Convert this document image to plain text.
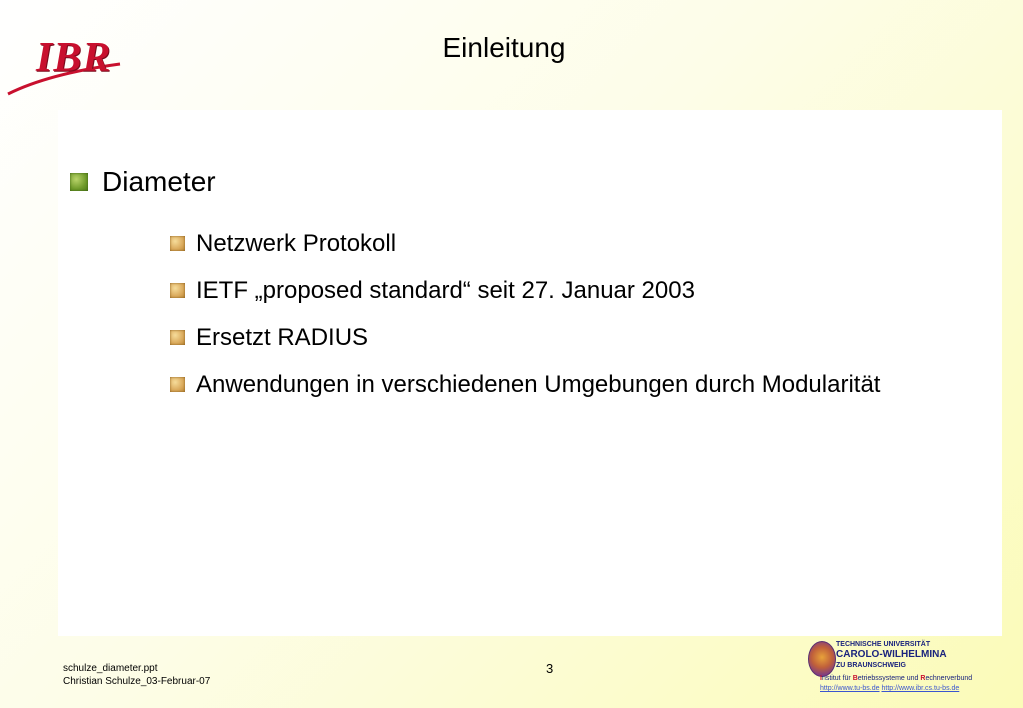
IBR	Einleitung
Diameter
Netzwerk Protokoll
IETF „proposed standard“ seit 27. Januar 2003
Ersetzt RADIUS
Anwendungen in verschiedenen Umgebungen durch Modularität
schulze_diameter.ppt
Christian Schulze_03-Februar-07
3
TECHNISCHE UNIVERSITÄT
CAROLO-WILHELMINA
ZU BRAUNSCHWEIG
Institut für Betriebssysteme und Rechnerverbund
http://www.tu-bs.de http://www.ibr.cs.tu-bs.de
